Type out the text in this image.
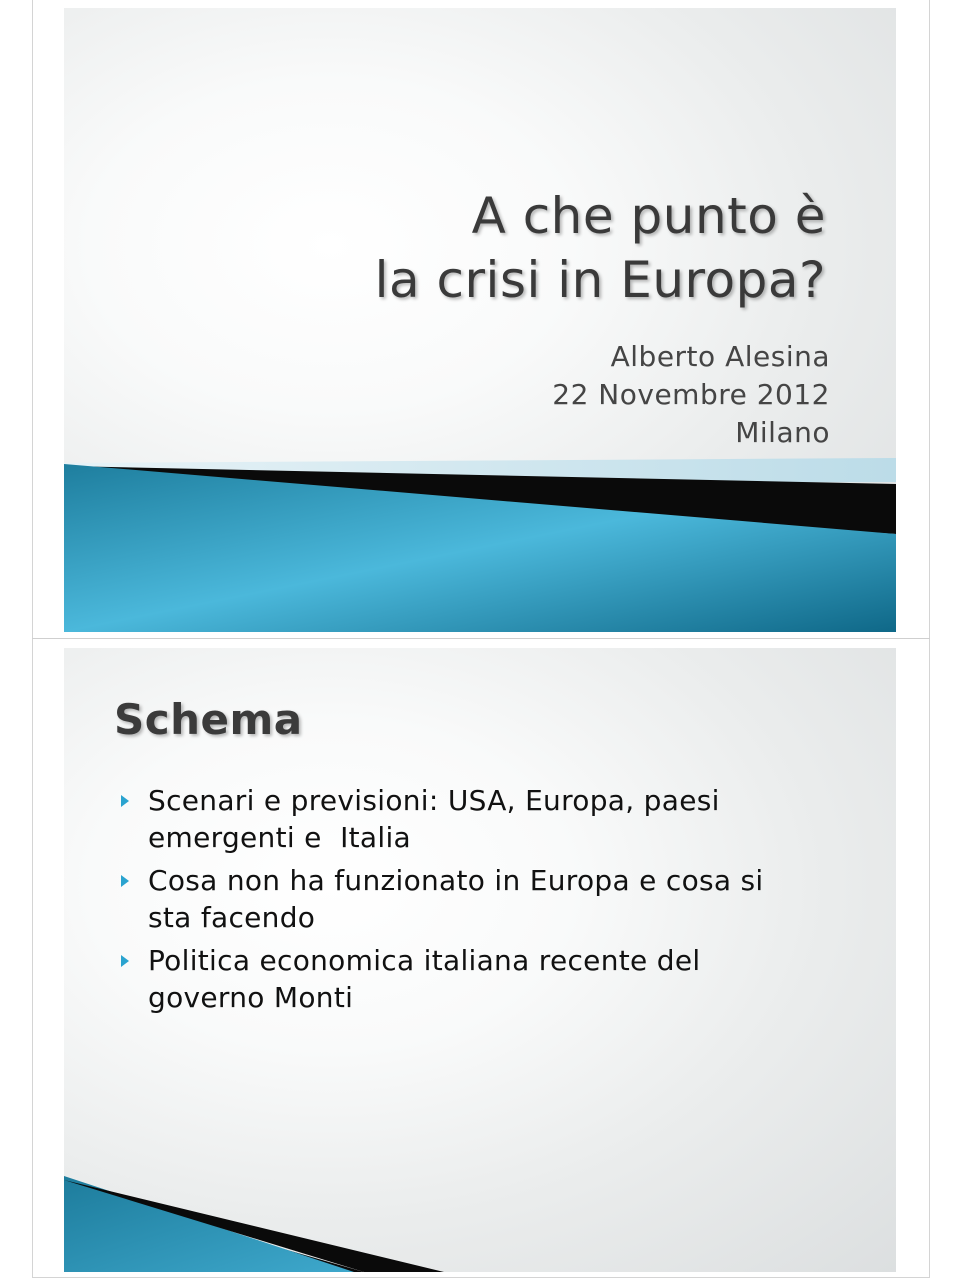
A che punto è
la crisi in Europa?
Alberto Alesina
22 Novembre 2012
Milano
Schema
Scenari e previsioni: USA, Europa, paesi
emergenti e  Italia
Cosa non ha funzionato in Europa e cosa si
sta facendo
Politica economica italiana recente del
governo Monti
